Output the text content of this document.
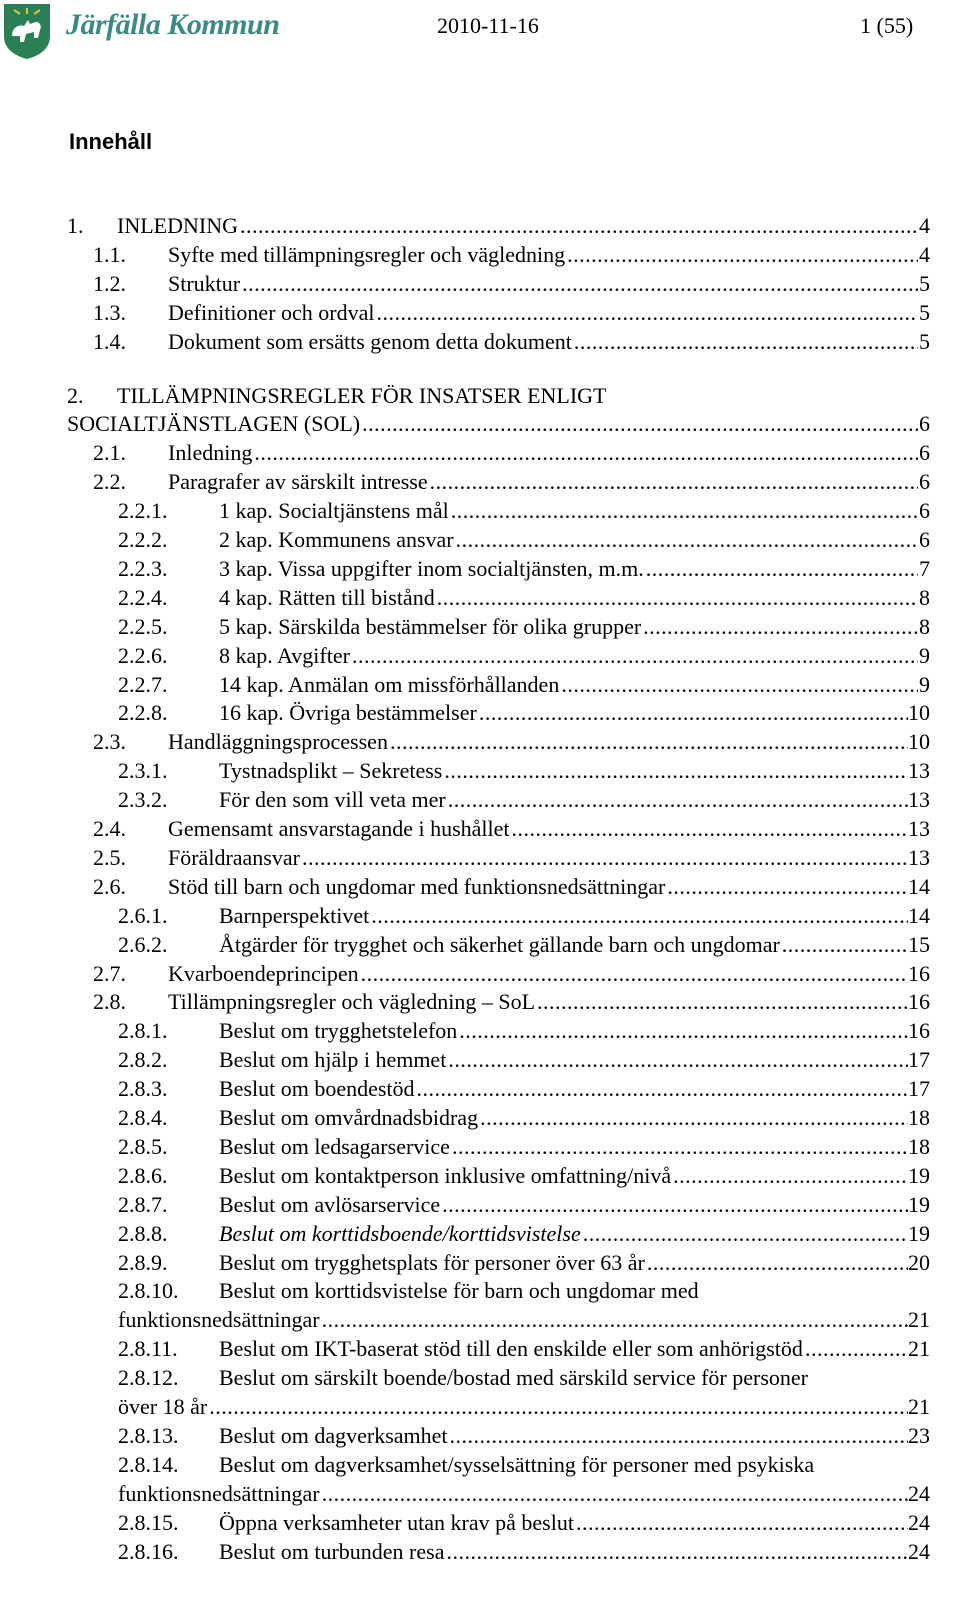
Järfälla Kommun	2010-11-16	1 (55)
Innehåll
1. INLEDNING .....	4
1.1. Syfte med tillämpningsregler och vägledning .....	4
1.2. Struktur .....	5
1.3. Definitioner och ordval .....	5
1.4. Dokument som ersätts genom detta dokument .....	5
2. TILLÄMPNINGSREGLER FÖR INSATSER ENLIGT
SOCIALTJÄNSTLAGEN (SOL) .....	6
2.1. Inledning .....	6
2.2. Paragrafer av särskilt intresse .....	6
2.2.1. 1 kap. Socialtjänstens mål .....	6
2.2.2. 2 kap. Kommunens ansvar .....	6
2.2.3. 3 kap. Vissa uppgifter inom socialtjänsten, m.m. .....	7
2.2.4. 4 kap. Rätten till bistånd .....	8
2.2.5. 5 kap. Särskilda bestämmelser för olika grupper .....	8
2.2.6. 8 kap. Avgifter .....	9
2.2.7. 14 kap. Anmälan om missförhållanden .....	9
2.2.8. 16 kap. Övriga bestämmelser .....	10
2.3. Handläggningsprocessen .....	10
2.3.1. Tystnadsplikt – Sekretess .....	13
2.3.2. För den som vill veta mer .....	13
2.4. Gemensamt ansvarstagande i hushållet .....	13
2.5. Föräldraansvar .....	13
2.6. Stöd till barn och ungdomar med funktionsnedsättningar .....	14
2.6.1. Barnperspektivet .....	14
2.6.2. Åtgärder för trygghet och säkerhet gällande barn och ungdomar .....	15
2.7. Kvarboendeprincipen .....	16
2.8. Tillämpningsregler och vägledning – SoL .....	16
2.8.1. Beslut om trygghetstelefon .....	16
2.8.2. Beslut om hjälp i hemmet .....	17
2.8.3. Beslut om boendestöd .....	17
2.8.4. Beslut om omvårdnadsbidrag .....	18
2.8.5. Beslut om ledsagarservice .....	18
2.8.6. Beslut om kontaktperson inklusive omfattning/nivå .....	19
2.8.7. Beslut om avlösarservice .....	19
2.8.8. Beslut om korttidsboende/korttidsvistelse .....	19
2.8.9. Beslut om trygghetsplats för personer över 63 år .....	20
2.8.10. Beslut om korttidsvistelse för barn och ungdomar med
funktionsnedsättningar .....	21
2.8.11. Beslut om IKT-baserat stöd till den enskilde eller som anhörigstöd .....	21
2.8.12. Beslut om särskilt boende/bostad med särskild service för personer
över 18 år .....	21
2.8.13. Beslut om dagverksamhet .....	23
2.8.14. Beslut om dagverksamhet/sysselsättning för personer med psykiska
funktionsnedsättningar .....	24
2.8.15. Öppna verksamheter utan krav på beslut .....	24
2.8.16. Beslut om turbunden resa .....	24
